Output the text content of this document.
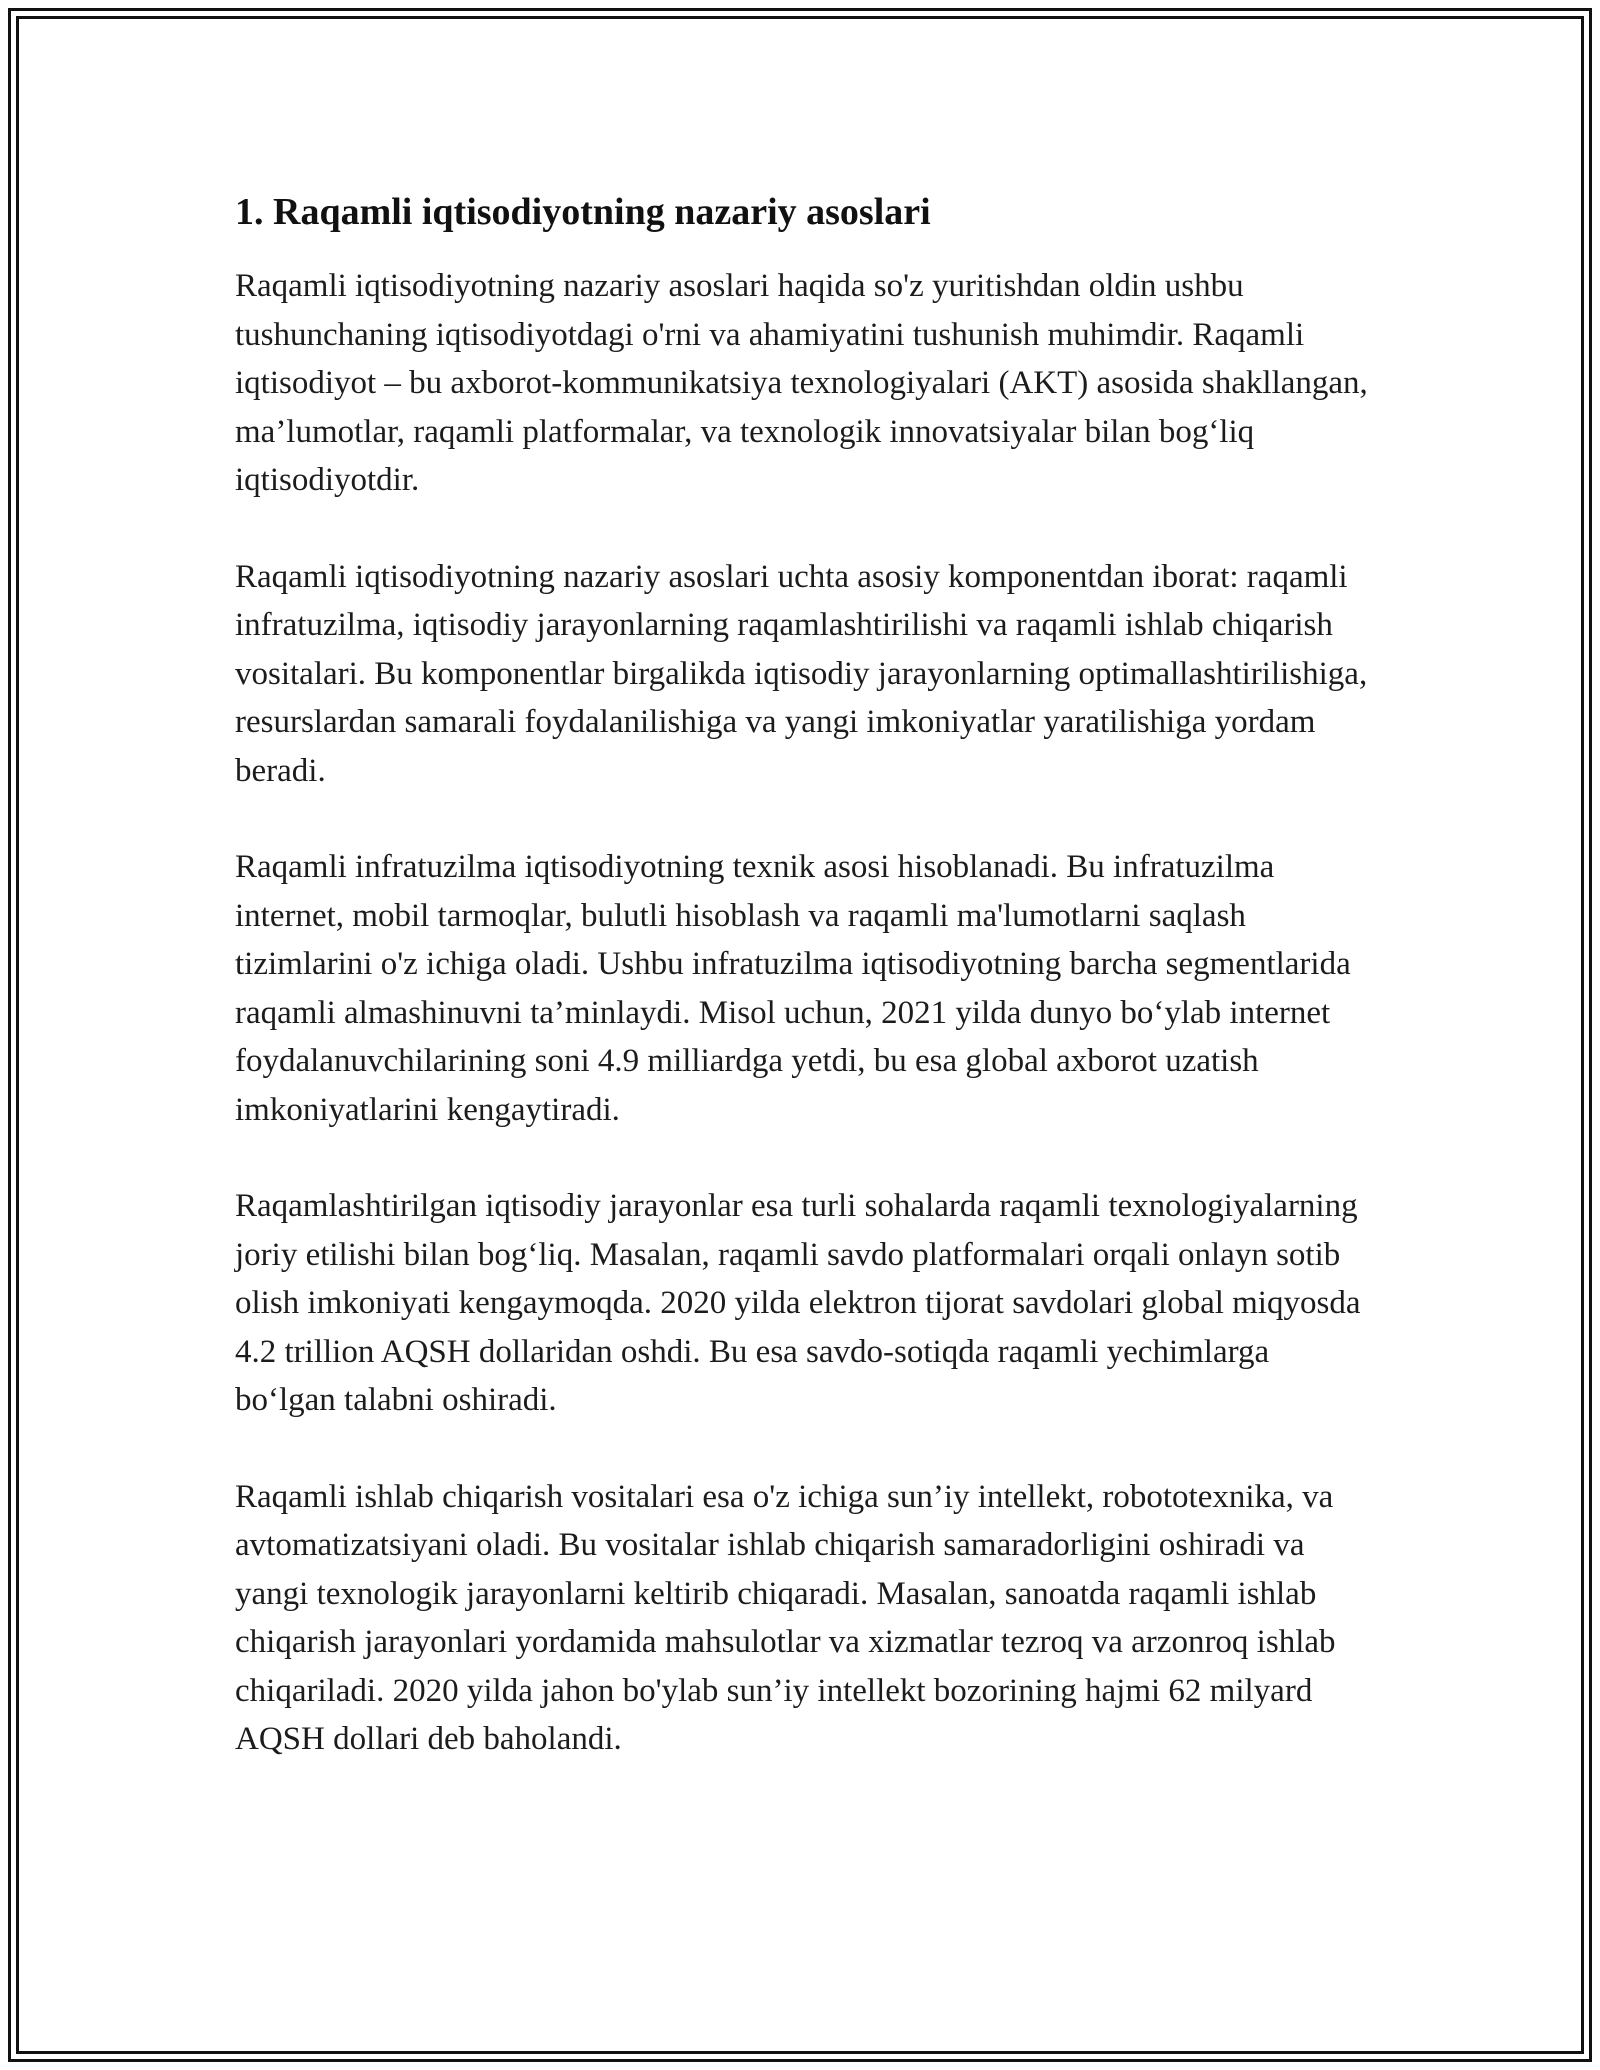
1. Raqamli iqtisodiyotning nazariy asoslari

Raqamli iqtisodiyotning nazariy asoslari haqida so'z yuritishdan oldin ushbu tushunchaning iqtisodiyotdagi o'rni va ahamiyatini tushunish muhimdir. Raqamli iqtisodiyot – bu axborot-kommunikatsiya texnologiyalari (AKT) asosida shakllangan, ma’lumotlar, raqamli platformalar, va texnologik innovatsiyalar bilan bog‘liq iqtisodiyotdir.

Raqamli iqtisodiyotning nazariy asoslari uchta asosiy komponentdan iborat: raqamli infratuzilma, iqtisodiy jarayonlarning raqamlashtirilishi va raqamli ishlab chiqarish vositalari. Bu komponentlar birgalikda iqtisodiy jarayonlarning optimallashtirilishiga, resurslardan samarali foydalanilishiga va yangi imkoniyatlar yaratilishiga yordam beradi.

Raqamli infratuzilma iqtisodiyotning texnik asosi hisoblanadi. Bu infratuzilma internet, mobil tarmoqlar, bulutli hisoblash va raqamli ma'lumotlarni saqlash tizimlarini o'z ichiga oladi. Ushbu infratuzilma iqtisodiyotning barcha segmentlarida raqamli almashinuvni ta’minlaydi. Misol uchun, 2021 yilda dunyo bo‘ylab internet foydalanuvchilarining soni 4.9 milliardga yetdi, bu esa global axborot uzatish imkoniyatlarini kengaytiradi.

Raqamlashtirilgan iqtisodiy jarayonlar esa turli sohalarda raqamli texnologiyalarning joriy etilishi bilan bog‘liq. Masalan, raqamli savdo platformalari orqali onlayn sotib olish imkoniyati kengaymoqda. 2020 yilda elektron tijorat savdolari global miqyosda 4.2 trillion AQSH dollaridan oshdi. Bu esa savdo-sotiqda raqamli yechimlarga bo‘lgan talabni oshiradi.

Raqamli ishlab chiqarish vositalari esa o'z ichiga sun’iy intellekt, robototexnika, va avtomatizatsiyani oladi. Bu vositalar ishlab chiqarish samaradorligini oshiradi va yangi texnologik jarayonlarni keltirib chiqaradi. Masalan, sanoatda raqamli ishlab chiqarish jarayonlari yordamida mahsulotlar va xizmatlar tezroq va arzonroq ishlab chiqariladi. 2020 yilda jahon bo'ylab sun’iy intellekt bozorining hajmi 62 milyard AQSH dollari deb baholandi.
